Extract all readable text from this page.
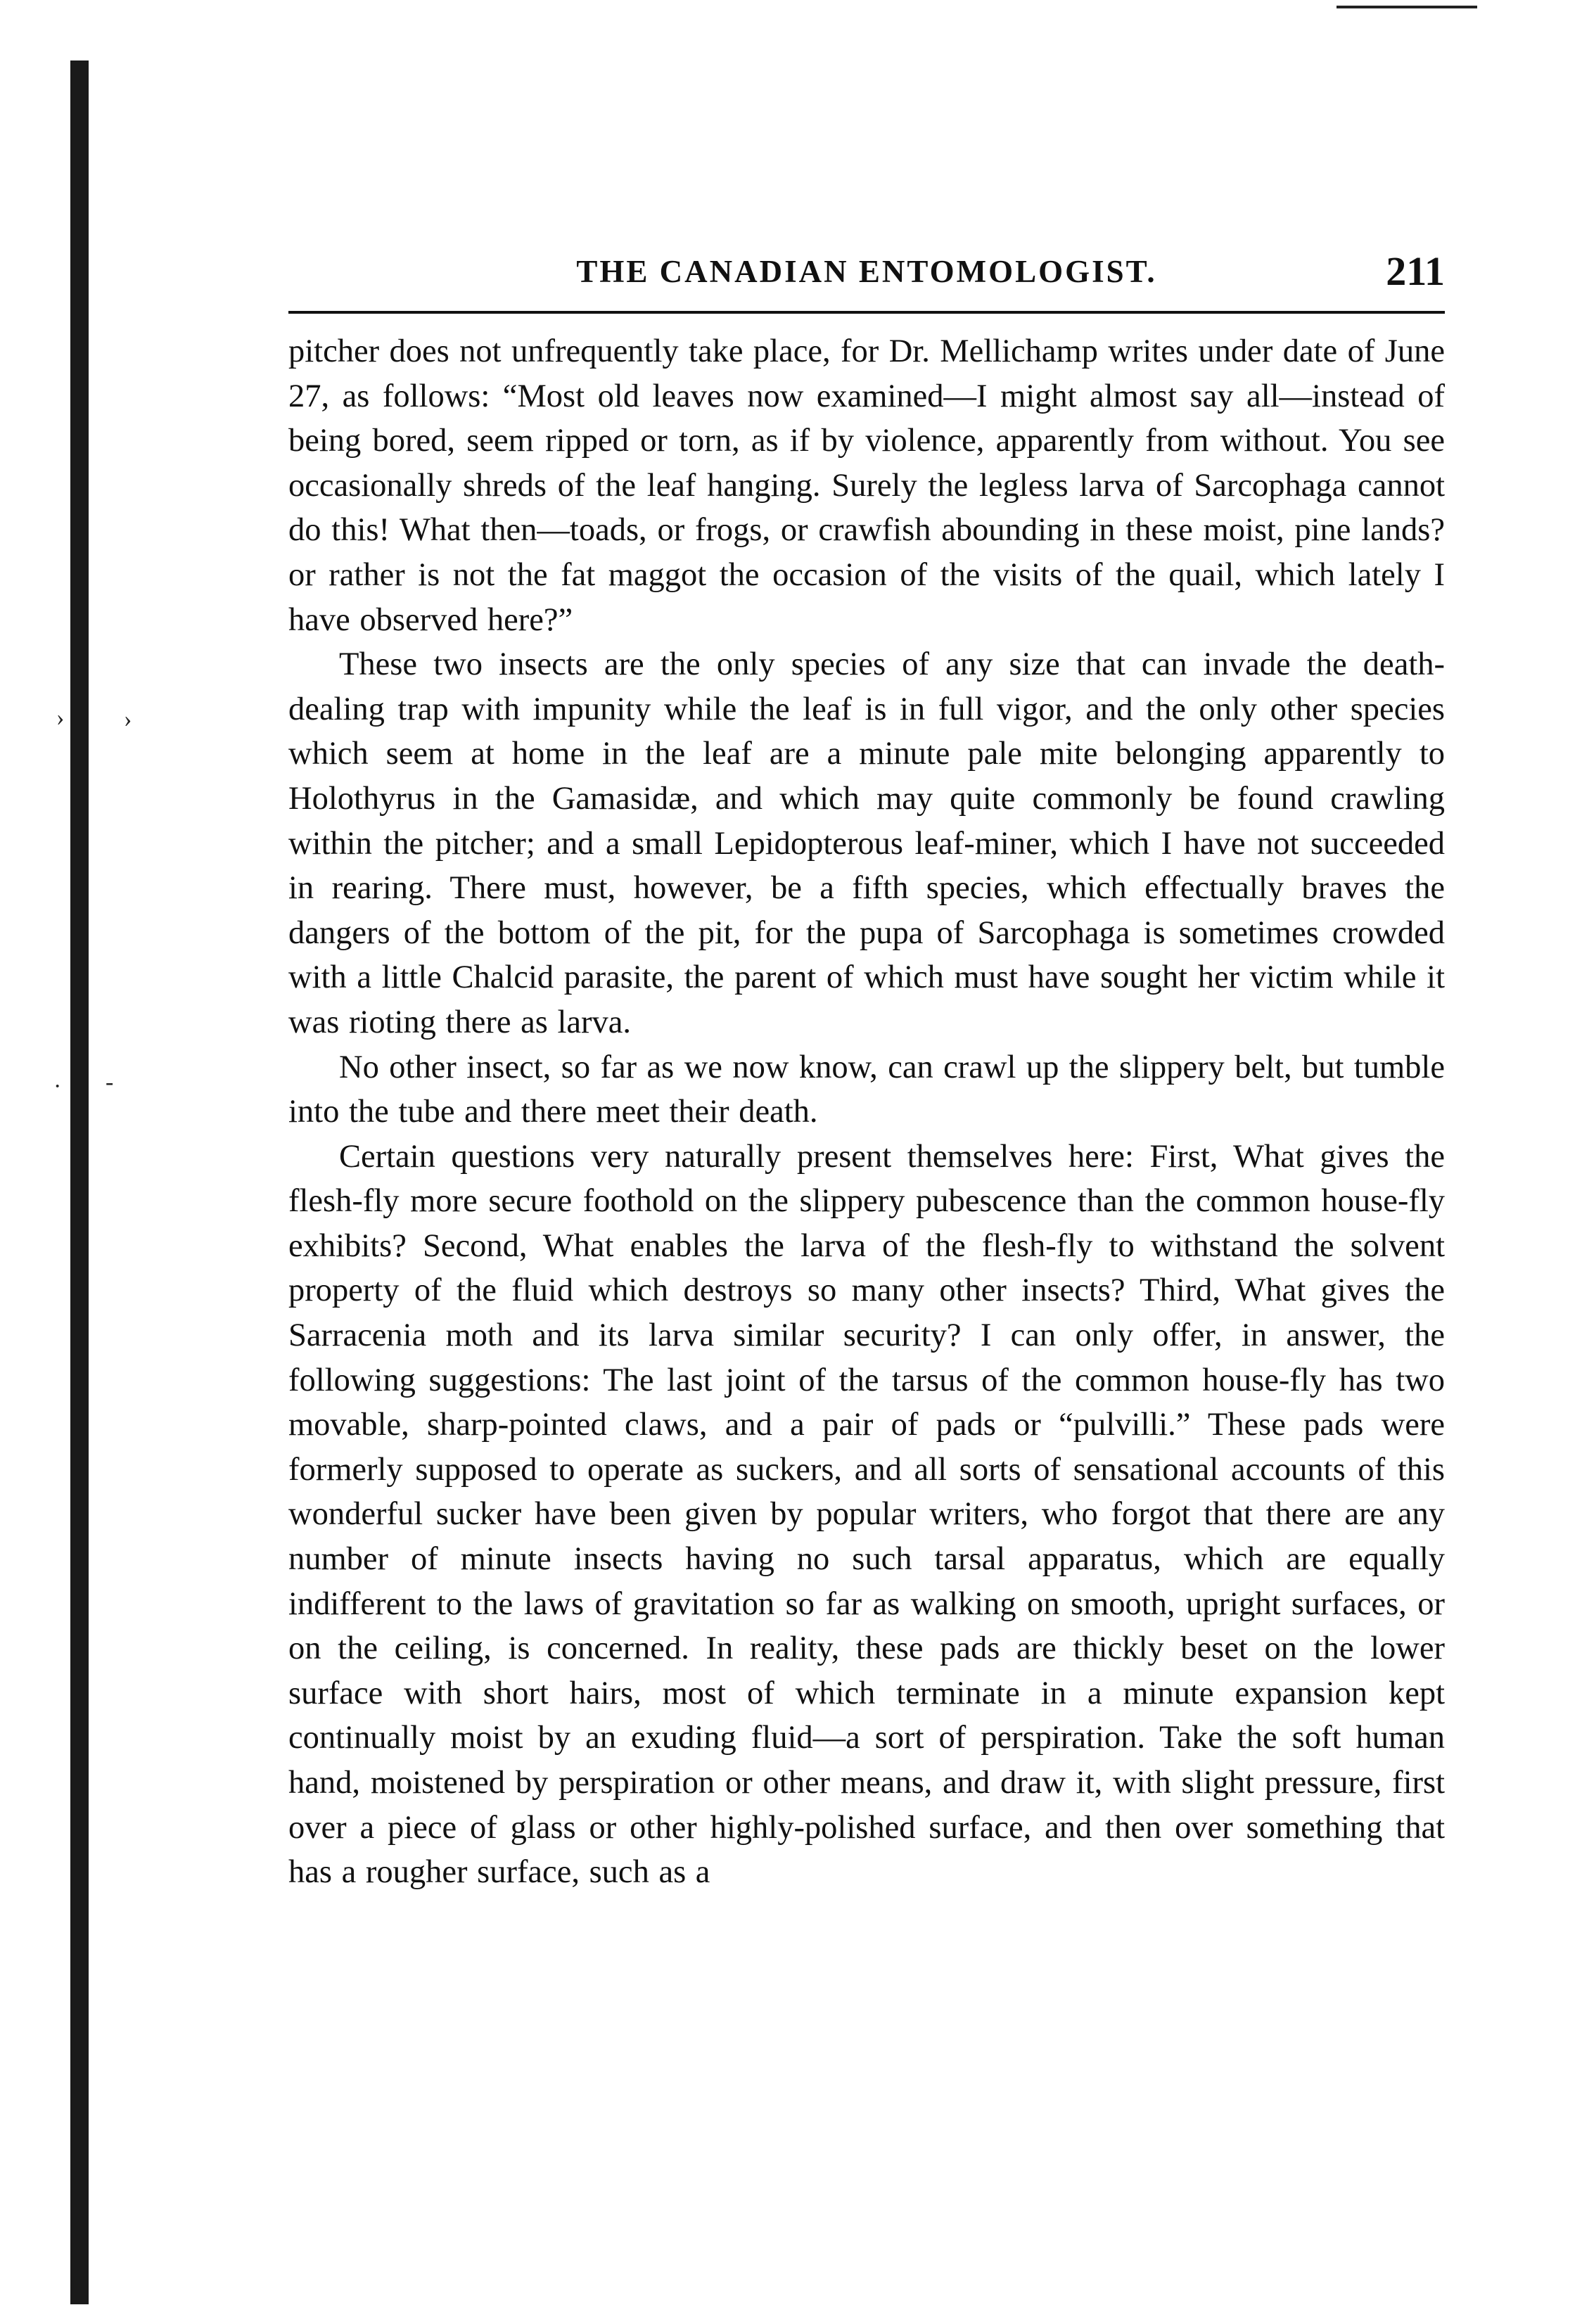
› ›
· -
THE CANADIAN ENTOMOLOGIST.	211

pitcher does not unfrequently take place, for Dr. Mellichamp writes under date of June 27, as follows: “Most old leaves now examined—I might almost say all—instead of being bored, seem ripped or torn, as if by violence, apparently from without. You see occasionally shreds of the leaf hanging. Surely the legless larva of Sarcophaga cannot do this! What then—toads, or frogs, or crawfish abounding in these moist, pine lands? or rather is not the fat maggot the occasion of the visits of the quail, which lately I have observed here?”

These two insects are the only species of any size that can invade the death-dealing trap with impunity while the leaf is in full vigor, and the only other species which seem at home in the leaf are a minute pale mite belonging apparently to Holothyrus in the Gamasidæ, and which may quite commonly be found crawling within the pitcher; and a small Lepidopterous leaf-miner, which I have not succeeded in rearing. There must, however, be a fifth species, which effectually braves the dangers of the bottom of the pit, for the pupa of Sarcophaga is sometimes crowded with a little Chalcid parasite, the parent of which must have sought her victim while it was rioting there as larva.

No other insect, so far as we now know, can crawl up the slippery belt, but tumble into the tube and there meet their death.

Certain questions very naturally present themselves here: First, What gives the flesh-fly more secure foothold on the slippery pubescence than the common house-fly exhibits? Second, What enables the larva of the flesh-fly to withstand the solvent property of the fluid which destroys so many other insects? Third, What gives the Sarracenia moth and its larva similar security? I can only offer, in answer, the following suggestions: The last joint of the tarsus of the common house-fly has two movable, sharp-pointed claws, and a pair of pads or “pulvilli.” These pads were formerly supposed to operate as suckers, and all sorts of sensational accounts of this wonderful sucker have been given by popular writers, who forgot that there are any number of minute insects having no such tarsal apparatus, which are equally indifferent to the laws of gravitation so far as walking on smooth, upright surfaces, or on the ceiling, is concerned. In reality, these pads are thickly beset on the lower surface with short hairs, most of which terminate in a minute expansion kept continually moist by an exuding fluid—a sort of perspiration. Take the soft human hand, moistened by perspiration or other means, and draw it, with slight pressure, first over a piece of glass or other highly-polished surface, and then over something that has a rougher surface, such as a
